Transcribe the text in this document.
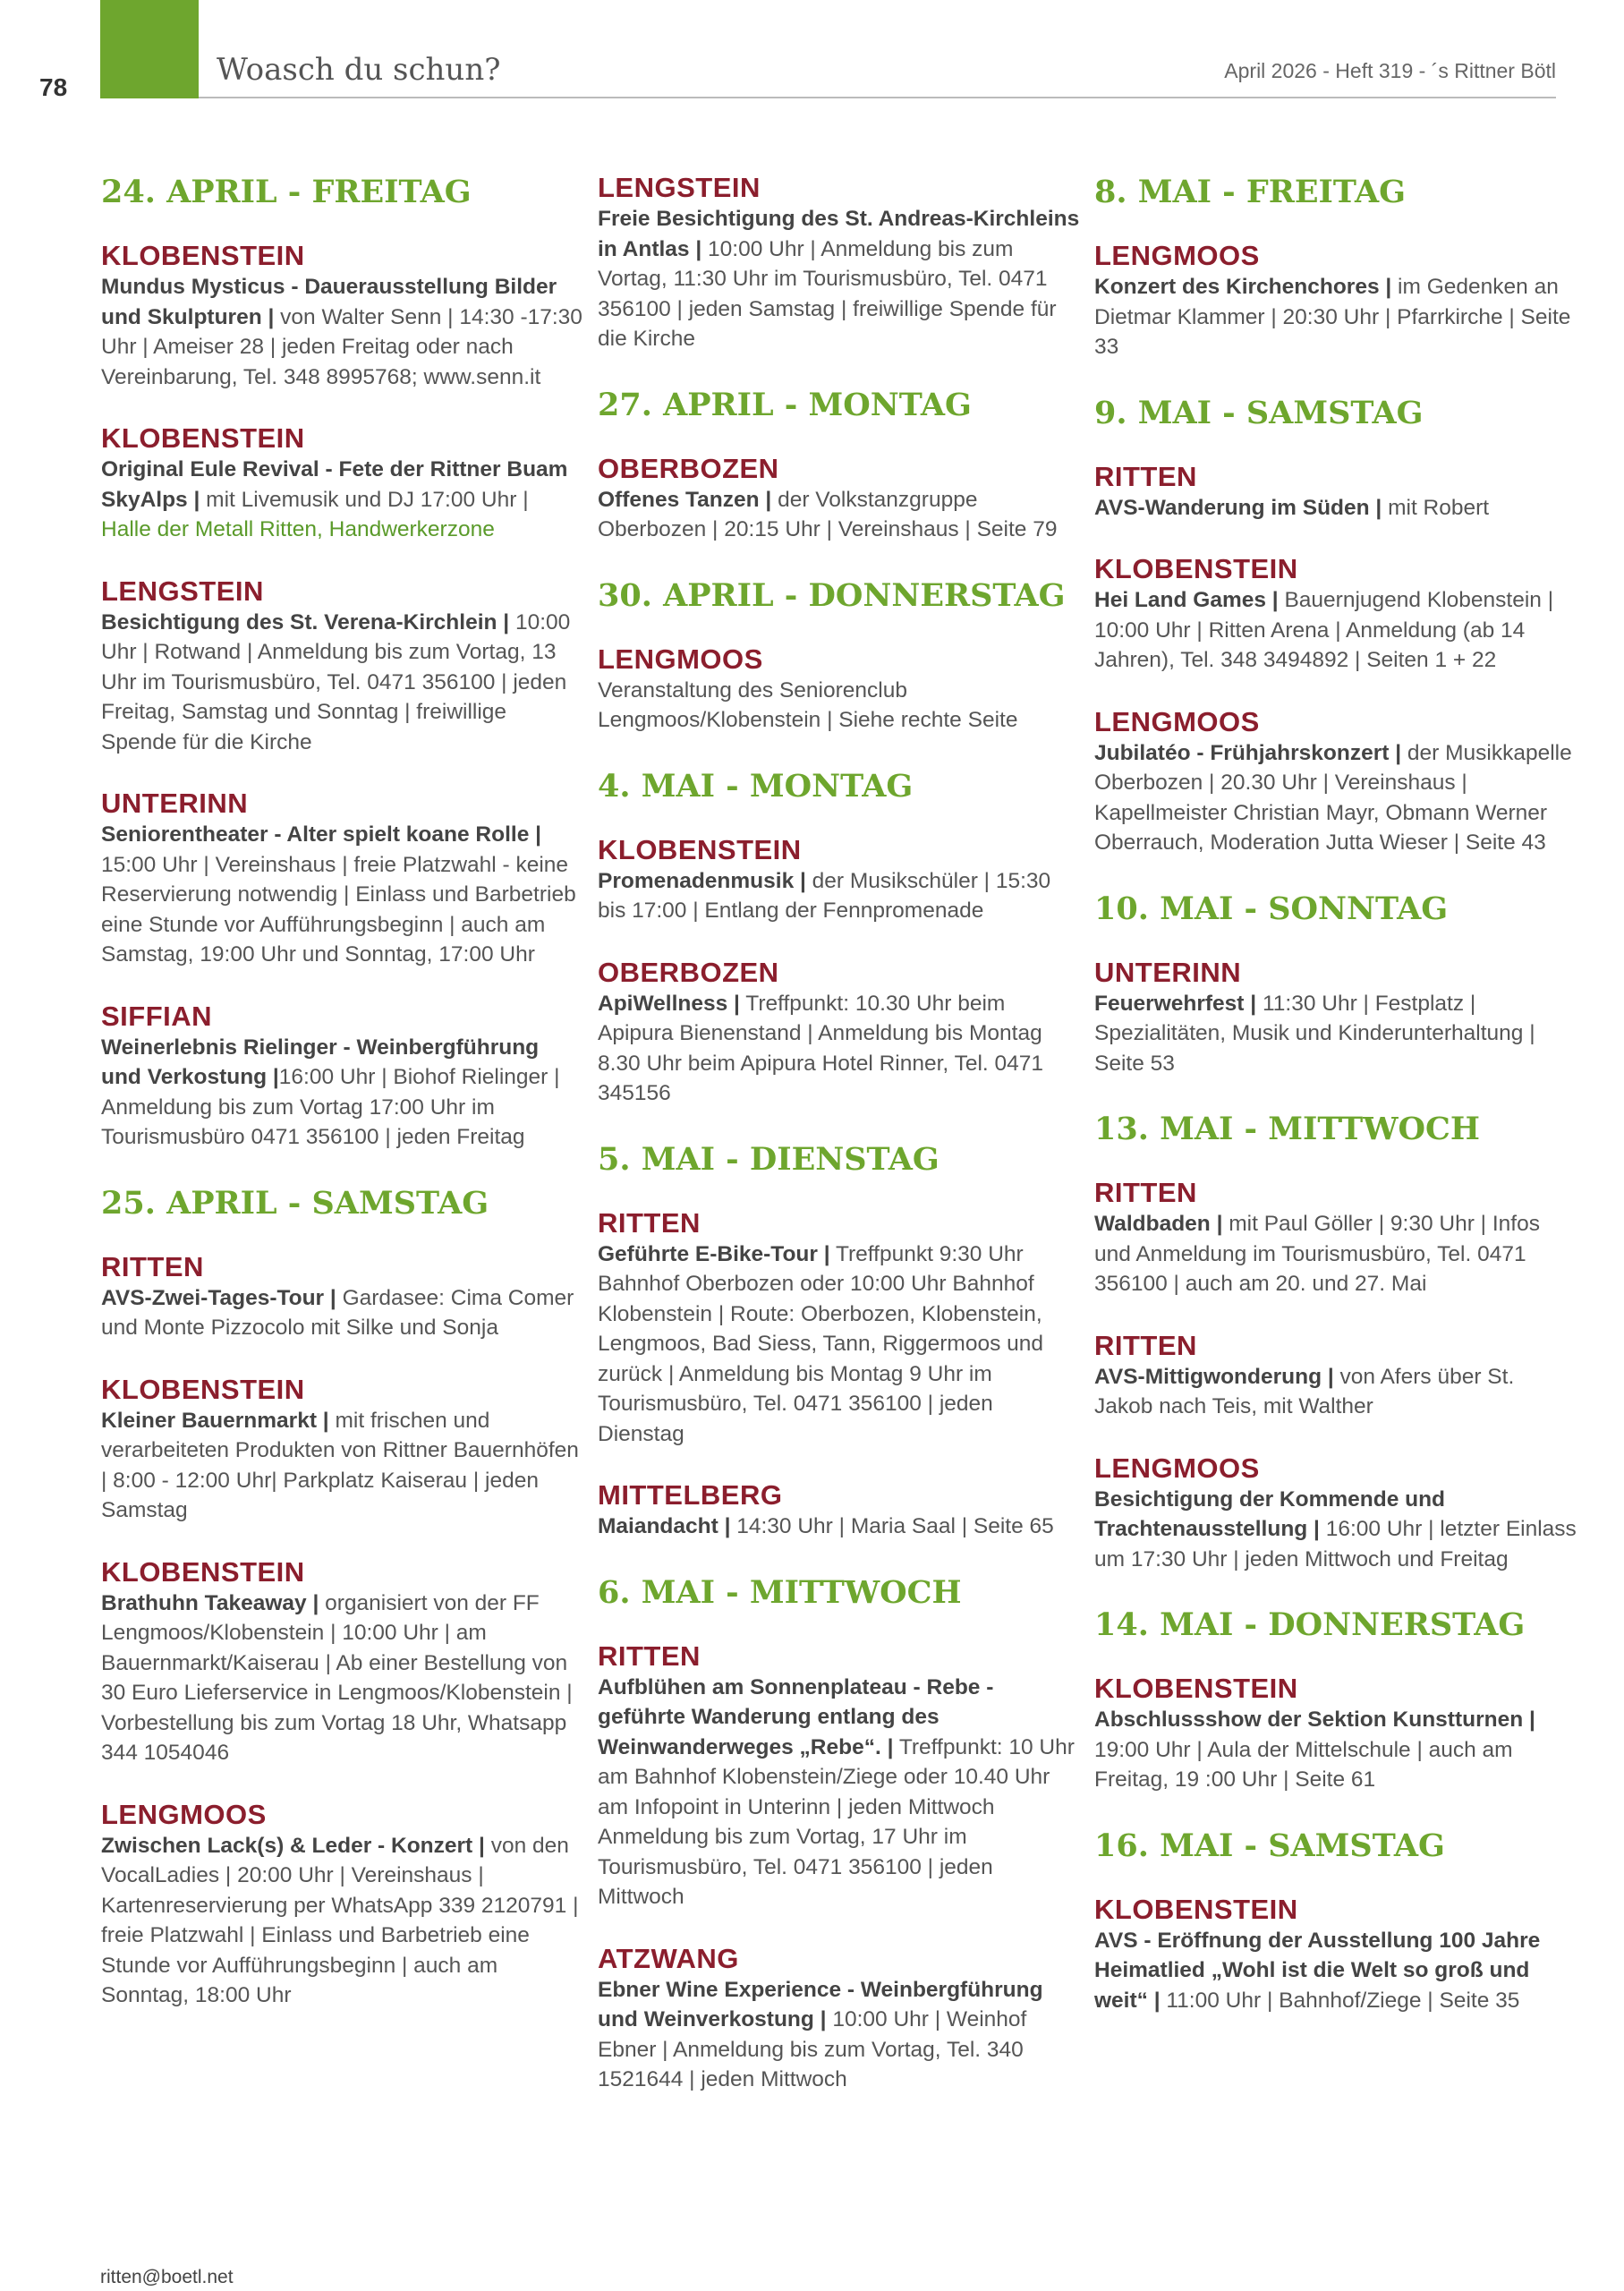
78	Woasch du schun?	April 2026 - Heft 319 - ´s Rittner Bötl
24. APRIL - FREITAG
KLOBENSTEIN
Mundus Mysticus - Dauerausstellung Bilder und Skulpturen | von Walter Senn | 14:30 -17:30 Uhr | Ameiser 28 | jeden Freitag oder nach Vereinbarung, Tel. 348 8995768; www.senn.it
KLOBENSTEIN
Original Eule Revival - Fete der Rittner Buam SkyAlps | mit Livemusik und DJ 17:00 Uhr | Halle der Metall Ritten, Handwerkerzone
LENGSTEIN
Besichtigung des St. Verena-Kirchlein | 10:00 Uhr | Rotwand | Anmeldung bis zum Vortag, 13 Uhr im Tourismusbüro, Tel. 0471 356100 | jeden Freitag, Samstag und Sonntag | freiwillige Spende für die Kirche
UNTERINN
Seniorentheater - Alter spielt koane Rolle | 15:00 Uhr | Vereinshaus | freie Platzwahl - keine Reservierung notwendig | Einlass und Barbetrieb eine Stunde vor Aufführungsbeginn | auch am Samstag, 19:00 Uhr und Sonntag, 17:00 Uhr
SIFFIAN
Weinerlebnis Rielinger - Weinbergführung und Verkostung |16:00 Uhr | Biohof Rielinger | Anmeldung bis zum Vortag 17:00 Uhr im Tourismusbüro 0471 356100 | jeden Freitag
25. APRIL - SAMSTAG
RITTEN
AVS-Zwei-Tages-Tour | Gardasee: Cima Comer und Monte Pizzocolo mit Silke und Sonja
KLOBENSTEIN
Kleiner Bauernmarkt | mit frischen und verarbeiteten Produkten von Rittner Bauernhöfen | 8:00 - 12:00 Uhr| Parkplatz Kaiserau | jeden Samstag
KLOBENSTEIN
Brathuhn Takeaway | organisiert von der FF Lengmoos/Klobenstein | 10:00 Uhr | am Bauernmarkt/Kaiserau | Ab einer Bestellung von 30 Euro Lieferservice in Lengmoos/Klobenstein | Vorbestellung bis zum Vortag 18 Uhr, Whatsapp 344 1054046
LENGMOOS
Zwischen Lack(s) & Leder - Konzert | von den VocalLadies | 20:00 Uhr | Vereinshaus | Kartenreservierung per WhatsApp 339 2120791 | freie Platzwahl | Einlass und Barbetrieb eine Stunde vor Aufführungsbeginn | auch am Sonntag, 18:00 Uhr
LENGSTEIN
Freie Besichtigung des St. Andreas-Kirchleins in Antlas | 10:00 Uhr | Anmeldung bis zum Vortag, 11:30 Uhr im Tourismusbüro, Tel. 0471 356100 | jeden Samstag | freiwillige Spende für die Kirche
27. APRIL - MONTAG
OBERBOZEN
Offenes Tanzen | der Volkstanzgruppe Oberbozen | 20:15 Uhr | Vereinshaus | Seite 79
30. APRIL - DONNERSTAG
LENGMOOS
Veranstaltung des Seniorenclub Lengmoos/Klobenstein | Siehe rechte Seite
4. MAI - MONTAG
KLOBENSTEIN
Promenadenmusik | der Musikschüler | 15:30 bis 17:00 | Entlang der Fennpromenade
OBERBOZEN
ApiWellness | Treffpunkt: 10.30 Uhr beim Apipura Bienenstand | Anmeldung bis Montag 8.30 Uhr beim Apipura Hotel Rinner, Tel. 0471 345156
5. MAI - DIENSTAG
RITTEN
Geführte E-Bike-Tour | Treffpunkt 9:30 Uhr Bahnhof Oberbozen oder 10:00 Uhr Bahnhof Klobenstein | Route: Oberbozen, Klobenstein, Lengmoos, Bad Siess, Tann, Riggermoos und zurück | Anmeldung bis Montag 9 Uhr im Tourismusbüro, Tel. 0471 356100 | jeden Dienstag
MITTELBERG
Maiandacht | 14:30 Uhr | Maria Saal | Seite 65
6. MAI - MITTWOCH
RITTEN
Aufblühen am Sonnenplateau - Rebe - geführte Wanderung entlang des Weinwanderweges „Rebe“. | Treffpunkt: 10 Uhr am Bahnhof Klobenstein/Ziege oder 10.40 Uhr am Infopoint in Unterinn | jeden Mittwoch Anmeldung bis zum Vortag, 17 Uhr im Tourismusbüro, Tel. 0471 356100 | jeden Mittwoch
ATZWANG
Ebner Wine Experience - Weinbergführung und Weinverkostung | 10:00 Uhr | Weinhof Ebner | Anmeldung bis zum Vortag, Tel. 340 1521644 | jeden Mittwoch
8. MAI - FREITAG
LENGMOOS
Konzert des Kirchenchores | im Gedenken an Dietmar Klammer | 20:30 Uhr | Pfarrkirche | Seite 33
9. MAI - SAMSTAG
RITTEN
AVS-Wanderung im Süden | mit Robert
KLOBENSTEIN
Hei Land Games | Bauernjugend Klobenstein | 10:00 Uhr | Ritten Arena | Anmeldung (ab 14 Jahren), Tel. 348 3494892 | Seiten 1 + 22
LENGMOOS
Jubilatéo - Frühjahrskonzert | der Musikkapelle Oberbozen | 20.30 Uhr | Vereinshaus | Kapellmeister Christian Mayr, Obmann Werner Oberrauch, Moderation Jutta Wieser | Seite 43
10. MAI - SONNTAG
UNTERINN
Feuerwehrfest | 11:30 Uhr | Festplatz | Spezialitäten, Musik und Kinderunterhaltung | Seite 53
13. MAI - MITTWOCH
RITTEN
Waldbaden | mit Paul Göller | 9:30 Uhr | Infos und Anmeldung im Tourismusbüro, Tel. 0471 356100 | auch am 20. und 27. Mai
RITTEN
AVS-Mittigwonderung | von Afers über St. Jakob nach Teis, mit Walther
LENGMOOS
Besichtigung der Kommende und Trachtenausstellung | 16:00 Uhr | letzter Einlass um 17:30 Uhr | jeden Mittwoch und Freitag
14. MAI - DONNERSTAG
KLOBENSTEIN
Abschlussshow der Sektion Kunstturnen | 19:00 Uhr | Aula der Mittelschule | auch am Freitag, 19 :00 Uhr | Seite 61
16. MAI - SAMSTAG
KLOBENSTEIN
AVS - Eröffnung der Ausstellung 100 Jahre Heimatlied „Wohl ist die Welt so groß und weit“ | 11:00 Uhr | Bahnhof/Ziege | Seite 35
ritten@boetl.net
